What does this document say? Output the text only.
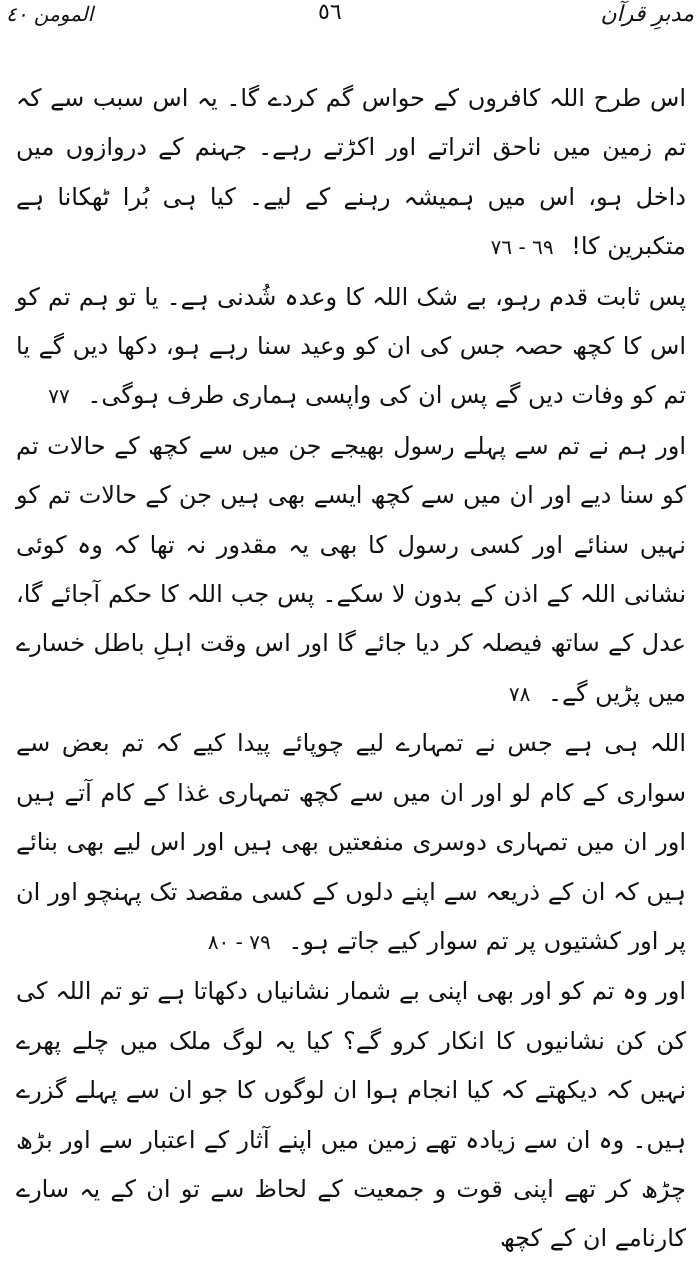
مدبرِ قرآن
٥٦
المومن ٤٠

اس طرح اللہ کافروں کے حواس گم کردے گا۔ یہ اس سبب سے کہ تم زمین میں ناحق اتراتے اور اکڑتے رہے۔ جہنم کے دروازوں میں داخل ہو، اس میں ہمیشہ رہنے کے لیے۔ کیا ہی بُرا ٹھکانا ہے متکبرین کا! ٦٩ - ٧٦

پس ثابت قدم رہو، بے شک اللہ کا وعدہ شُدنی ہے۔ یا تو ہم تم کو اس کا کچھ حصہ جس کی ان کو وعید سنا رہے ہو، دکھا دیں گے یا تم کو وفات دیں گے پس ان کی واپسی ہماری طرف ہوگی۔ ٧٧

اور ہم نے تم سے پہلے رسول بھیجے جن میں سے کچھ کے حالات تم کو سنا دیے اور ان میں سے کچھ ایسے بھی ہیں جن کے حالات تم کو نہیں سنائے اور کسی رسول کا بھی یہ مقدور نہ تھا کہ وہ کوئی نشانی اللہ کے اذن کے بدون لا سکے۔ پس جب اللہ کا حکم آجائے گا، عدل کے ساتھ فیصلہ کر دیا جائے گا اور اس وقت اہلِ باطل خسارے میں پڑیں گے۔ ٧٨

اللہ ہی ہے جس نے تمہارے لیے چوپائے پیدا کیے کہ تم بعض سے سواری کے کام لو اور ان میں سے کچھ تمہاری غذا کے کام آتے ہیں اور ان میں تمہاری دوسری منفعتیں بھی ہیں اور اس لیے بھی بنائے ہیں کہ ان کے ذریعہ سے اپنے دلوں کے کسی مقصد تک پہنچو اور ان پر اور کشتیوں پر تم سوار کیے جاتے ہو۔ ٧٩ - ٨٠

اور وہ تم کو اور بھی اپنی بے شمار نشانیاں دکھاتا ہے تو تم اللہ کی کن کن نشانیوں کا انکار کرو گے؟ کیا یہ لوگ ملک میں چلے پھرے نہیں کہ دیکھتے کہ کیا انجام ہوا ان لوگوں کا جو ان سے پہلے گزرے ہیں۔ وہ ان سے زیادہ تھے زمین میں اپنے آثار کے اعتبار سے اور بڑھ چڑھ کر تھے اپنی قوت و جمعیت کے لحاظ سے تو ان کے یہ سارے کارنامے ان کے کچھ
